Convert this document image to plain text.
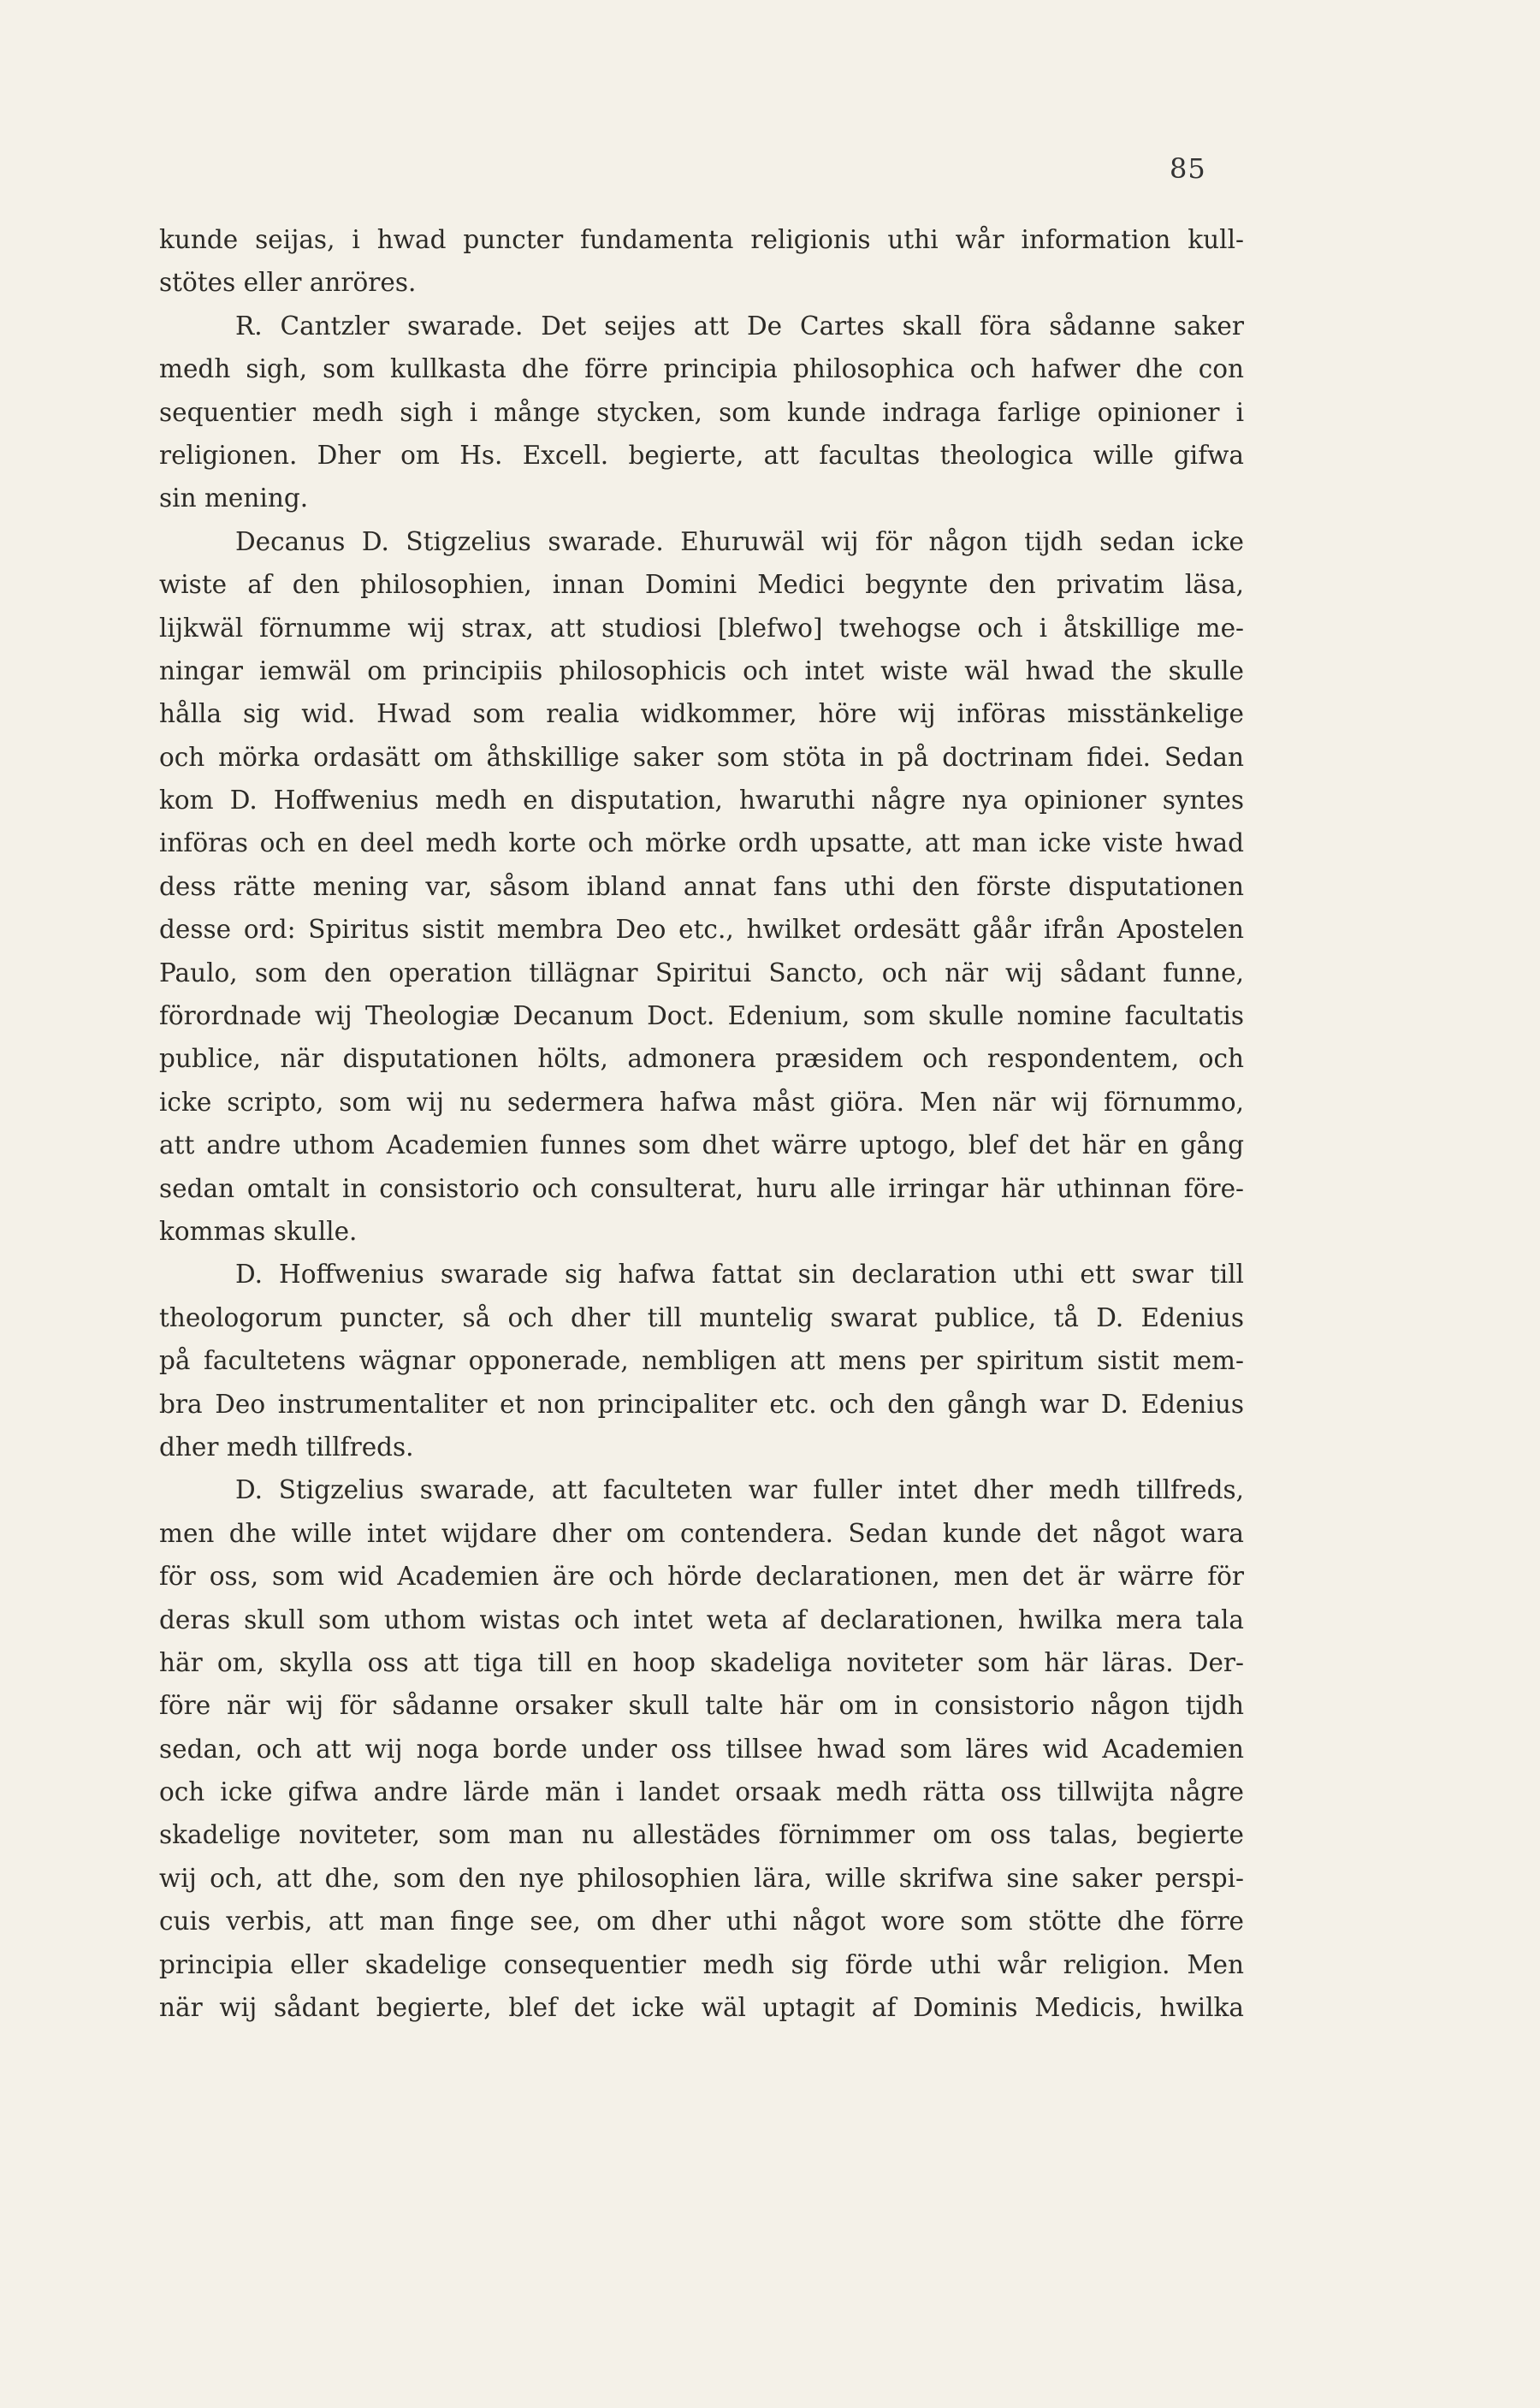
85
kunde seijas, i hwad puncter fundamenta religionis uthi wår information kull-
stötes eller anröres.
R. Cantzler swarade. Det seijes att De Cartes skall föra sådanne saker
medh sigh, som kullkasta dhe förre principia philosophica och hafwer dhe con
sequentier medh sigh i månge stycken, som kunde indraga farlige opinioner i
religionen. Dher om Hs. Excell. begierte, att facultas theologica wille gifwa
sin mening.
Decanus D. Stigzelius swarade. Ehuruwäl wij för någon tijdh sedan icke
wiste af den philosophien, innan Domini Medici begynte den privatim läsa,
lijkwäl förnumme wij strax, att studiosi [blefwo] twehogse och i åtskillige me-
ningar iemwäl om principiis philosophicis och intet wiste wäl hwad the skulle
hålla sig wid. Hwad som realia widkommer, höre wij införas misstänkelige
och mörka ordasätt om åthskillige saker som stöta in på doctrinam fidei. Sedan
kom D. Hoffwenius medh en disputation, hwaruthi någre nya opinioner syntes
införas och en deel medh korte och mörke ordh upsatte, att man icke viste hwad
dess rätte mening var, såsom ibland annat fans uthi den förste disputationen
desse ord: Spiritus sistit membra Deo etc., hwilket ordesätt gåår ifrån Apostelen
Paulo, som den operation tillägnar Spiritui Sancto, och när wij sådant funne,
förordnade wij Theologiæ Decanum Doct. Edenium, som skulle nomine facultatis
publice, när disputationen hölts, admonera præsidem och respondentem, och
icke scripto, som wij nu sedermera hafwa måst giöra. Men när wij förnummo,
att andre uthom Academien funnes som dhet wärre uptogo, blef det här en gång
sedan omtalt in consistorio och consulterat, huru alle irringar här uthinnan före-
kommas skulle.
D. Hoffwenius swarade sig hafwa fattat sin declaration uthi ett swar till
theologorum puncter, så och dher till muntelig swarat publice, tå D. Edenius
på facultetens wägnar opponerade, nembligen att mens per spiritum sistit mem-
bra Deo instrumentaliter et non principaliter etc. och den gångh war D. Edenius
dher medh tillfreds.
D. Stigzelius swarade, att faculteten war fuller intet dher medh tillfreds,
men dhe wille intet wijdare dher om contendera. Sedan kunde det något wara
för oss, som wid Academien äre och hörde declarationen, men det är wärre för
deras skull som uthom wistas och intet weta af declarationen, hwilka mera tala
här om, skylla oss att tiga till en hoop skadeliga noviteter som här läras. Der-
före när wij för sådanne orsaker skull talte här om in consistorio någon tijdh
sedan, och att wij noga borde under oss tillsee hwad som läres wid Academien
och icke gifwa andre lärde män i landet orsaak medh rätta oss tillwijta någre
skadelige noviteter, som man nu allestädes förnimmer om oss talas, begierte
wij och, att dhe, som den nye philosophien lära, wille skrifwa sine saker perspi-
cuis verbis, att man finge see, om dher uthi något wore som stötte dhe förre
principia eller skadelige consequentier medh sig förde uthi wår religion. Men
när wij sådant begierte, blef det icke wäl uptagit af Dominis Medicis, hwilka
